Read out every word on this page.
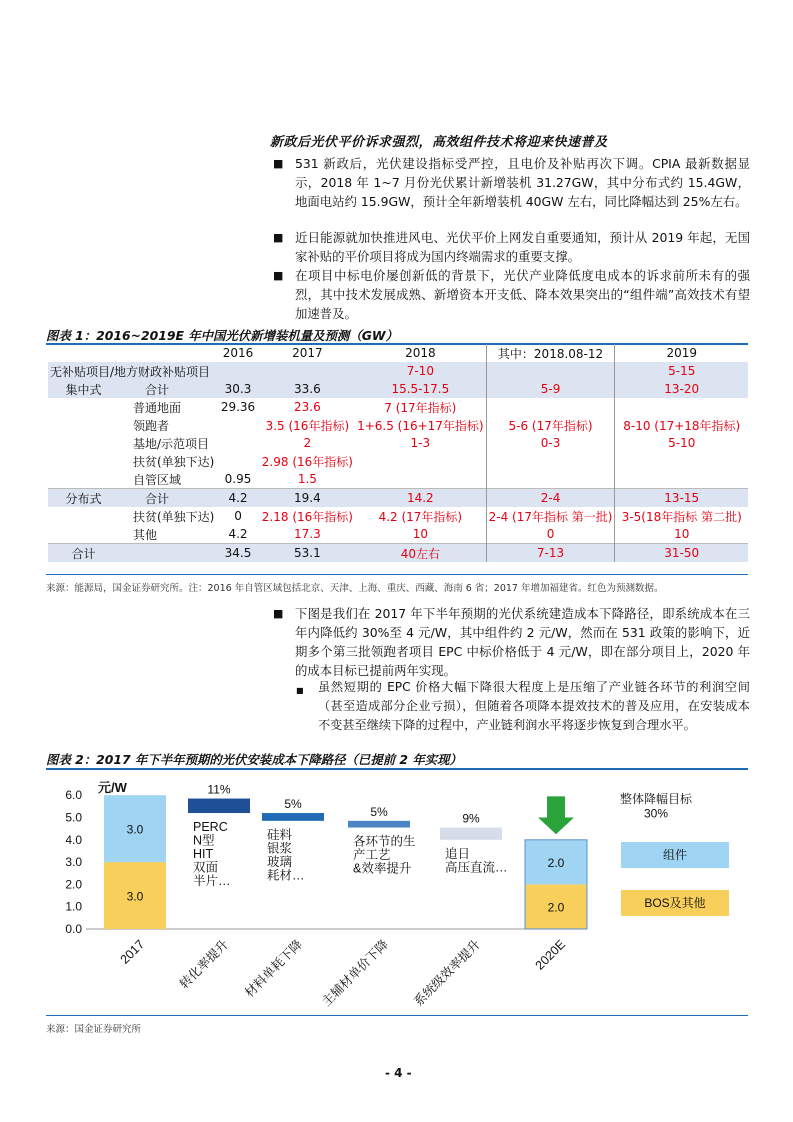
新政后光伏平价诉求强烈，高效组件技术将迎来快速普及
■ 531 新政后，光伏建设指标受严控，且电价及补贴再次下调。CPIA 最新数据显示，2018 年 1~7 月份光伏累计新增装机 31.27GW，其中分布式约 15.4GW，地面电站约 15.9GW，预计全年新增装机 40GW 左右，同比降幅达到 25%左右。
■ 近日能源就加快推进风电、光伏平价上网发自重要通知，预计从 2019 年起，无国家补贴的平价项目将成为国内终端需求的重要支撑。
■ 在项目中标电价屡创新低的背景下，光伏产业降低度电成本的诉求前所未有的强烈，其中技术发展成熟、新增资本开支低、降本效果突出的“组件端”高效技术有望加速普及。
图表 1：2016~2019E 年中国光伏新增装机量及预测（GW）
		2016	2017	2018	其中：2018.08-12	2019
无补贴项目/地方财政补贴项目				7-10		5-15
集中式	合计	30.3	33.6	15.5-17.5	5-9	13-20
	普通地面	29.36	23.6	7 (17年指标)		
	领跑者		3.5 (16年指标)	1+6.5 (16+17年指标)	5-6 (17年指标)	8-10 (17+18年指标)
	基地/示范项目		2	1-3	0-3	5-10
	扶贫(单独下达)		2.98 (16年指标)			
	自管区域	0.95	1.5			
分布式	合计	4.2	19.4	14.2	2-4	13-15
	扶贫(单独下达)	0	2.18 (16年指标)	4.2 (17年指标)	2-4 (17年指标 第一批)	3-5(18年指标 第二批)
	其他	4.2	17.3	10	0	10
合计		34.5	53.1	40左右	7-13	31-50
来源：能源局，国金证券研究所。注：2016 年自管区域包括北京、天津、上海、重庆、西藏、海南 6 省；2017 年增加福建省。红色为预测数据。
■ 下图是我们在 2017 年下半年预期的光伏系统建造成本下降路径，即系统成本在三年内降低约 30%至 4 元/W，其中组件约 2 元/W，然而在 531 政策的影响下，近期多个第三批领跑者项目 EPC 中标价格低于 4 元/W，即在部分项目上，2020 年的成本目标已提前两年实现。
■ 虽然短期的 EPC 价格大幅下降很大程度上是压缩了产业链各环节的利润空间（甚至造成部分企业亏损），但随着各项降本提效技术的普及应用，在安装成本不变甚至继续下降的过程中，产业链利润水平将逐步恢复到合理水平。
图表 2：2017 年下半年预期的光伏安装成本下降路径（已提前 2 年实现）
0.0
1.0
2.0
3.0
4.0
5.0
6.0 元/W
3.0
3.0
2.0
2.0
11%
PERC
N型
HIT
双面
半片…
5%
硅料
银浆
玻璃
耗材…
5%
各环节的生
产工艺
&效率提升
9%
追日
高压直流…
2017 转化率提升 材料单耗下降 主辅材单价下降 系统级效率提升	2020E
整体降幅目标
30%
组件
BOS及其他
来源：国金证券研究所
- 4 -
